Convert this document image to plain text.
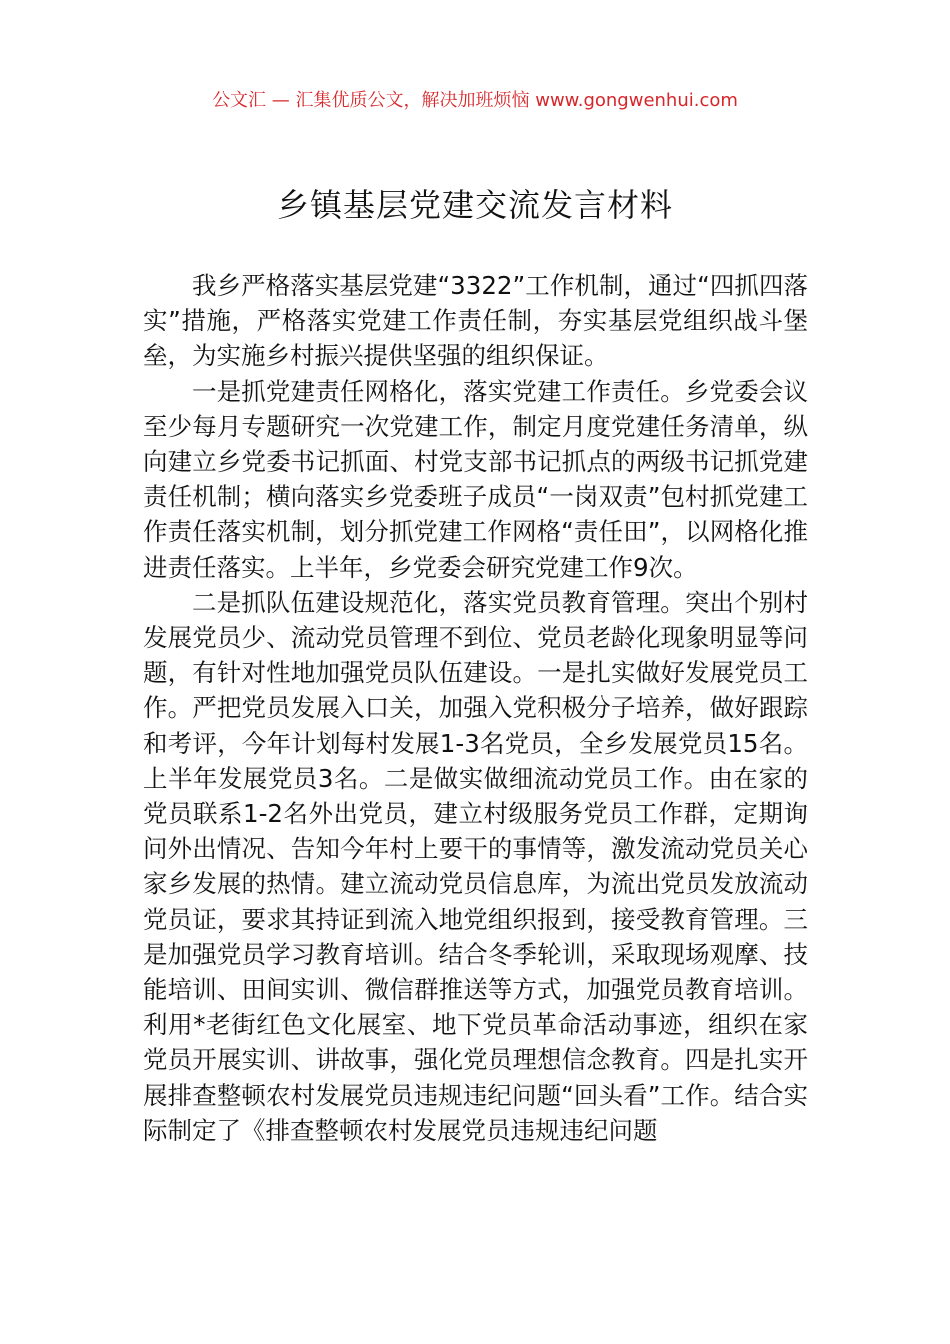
公文汇 — 汇集优质公文，解决加班烦恼 www.gongwenhui.com
乡镇基层党建交流发言材料

我乡严格落实基层党建“3322”工作机制，通过“四抓四落实”措施，严格落实党建工作责任制，夯实基层党组织战斗堡垒，为实施乡村振兴提供坚强的组织保证。

一是抓党建责任网格化，落实党建工作责任。乡党委会议至少每月专题研究一次党建工作，制定月度党建任务清单，纵向建立乡党委书记抓面、村党支部书记抓点的两级书记抓党建责任机制；横向落实乡党委班子成员“一岗双责”包村抓党建工作责任落实机制，划分抓党建工作网格“责任田”，以网格化推进责任落实。上半年，乡党委会研究党建工作9次。

二是抓队伍建设规范化，落实党员教育管理。突出个别村发展党员少、流动党员管理不到位、党员老龄化现象明显等问题，有针对性地加强党员队伍建设。一是扎实做好发展党员工作。严把党员发展入口关，加强入党积极分子培养，做好跟踪和考评，今年计划每村发展1-3名党员，全乡发展党员15名。上半年发展党员3名。二是做实做细流动党员工作。由在家的党员联系1-2名外出党员，建立村级服务党员工作群，定期询问外出情况、告知今年村上要干的事情等，激发流动党员关心家乡发展的热情。建立流动党员信息库，为流出党员发放流动党员证，要求其持证到流入地党组织报到，接受教育管理。三是加强党员学习教育培训。结合冬季轮训，采取现场观摩、技能培训、田间实训、微信群推送等方式，加强党员教育培训。利用*老街红色文化展室、地下党员革命活动事迹，组织在家党员开展实训、讲故事，强化党员理想信念教育。四是扎实开展排查整顿农村发展党员违规违纪问题“回头看”工作。结合实际制定了《排查整顿农村发展党员违规违纪问题
